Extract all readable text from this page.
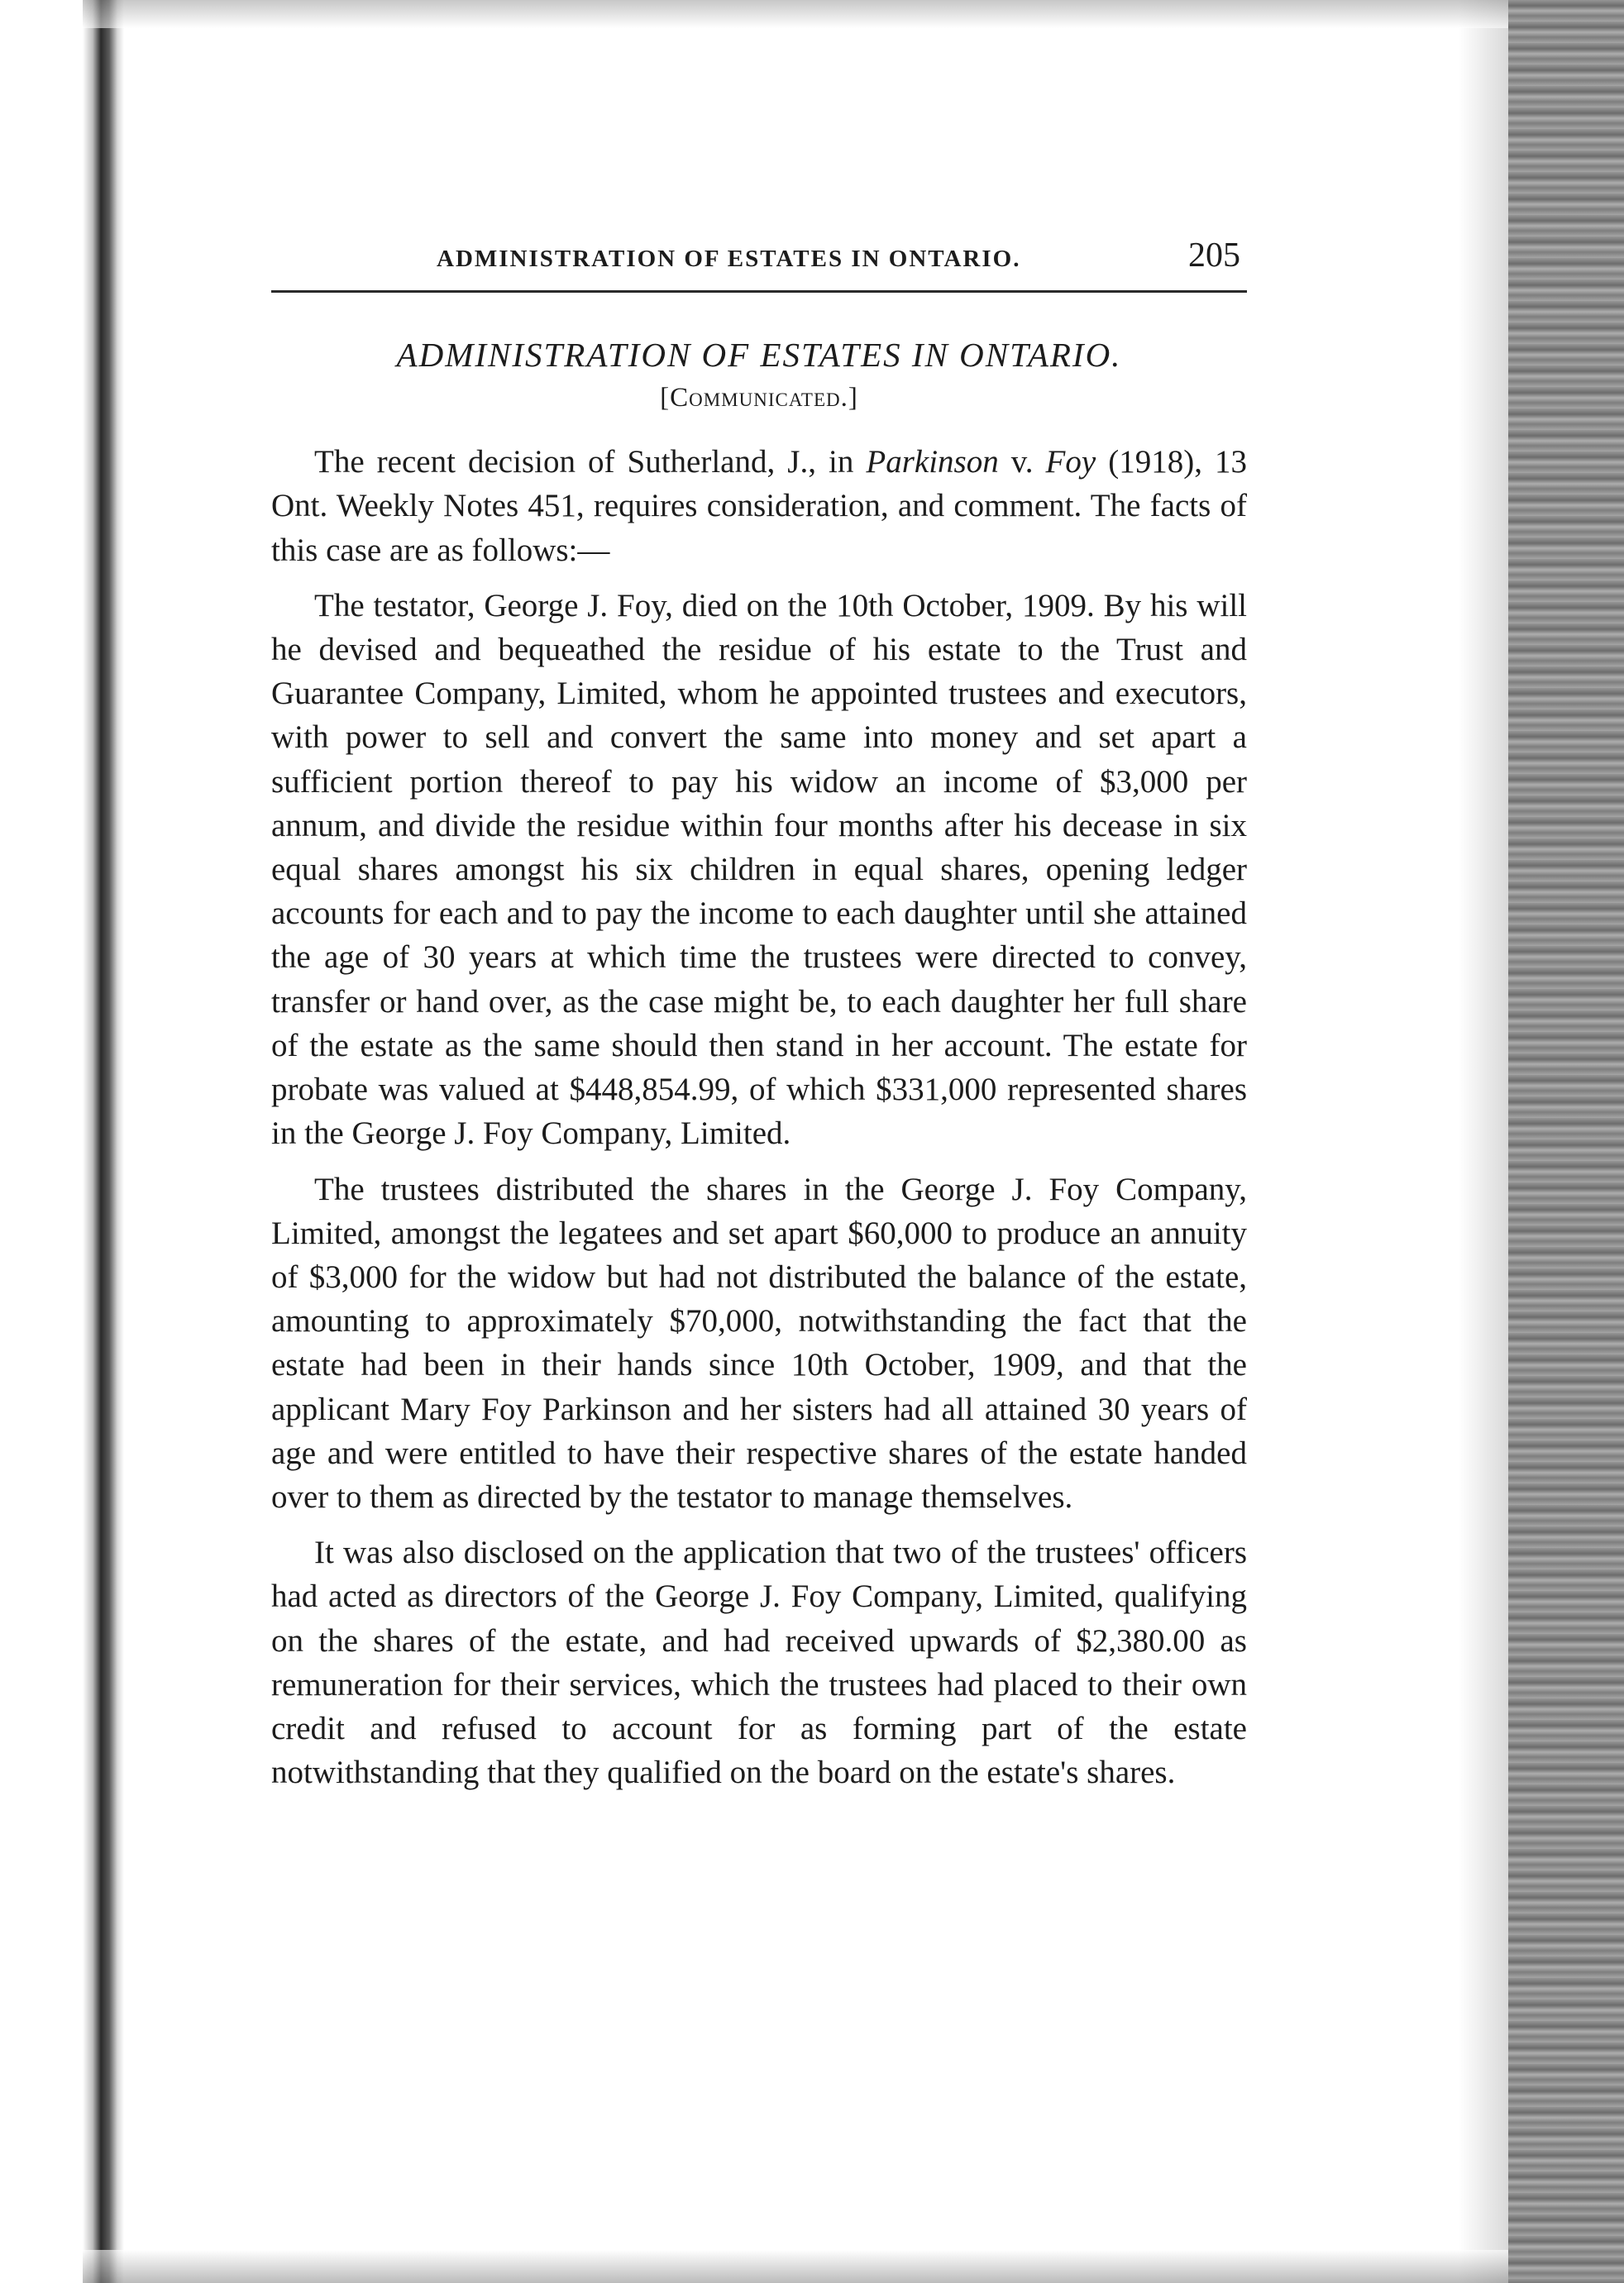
ADMINISTRATION OF ESTATES IN ONTARIO.	205
ADMINISTRATION OF ESTATES IN ONTARIO.
[Communicated.]

The recent decision of Sutherland, J., in Parkinson v. Foy (1918), 13 Ont. Weekly Notes 451, requires consideration, and comment. The facts of this case are as follows:—

The testator, George J. Foy, died on the 10th October, 1909. By his will he devised and bequeathed the residue of his estate to the Trust and Guarantee Company, Limited, whom he appointed trustees and executors, with power to sell and convert the same into money and set apart a sufficient portion thereof to pay his widow an income of $3,000 per annum, and divide the residue within four months after his decease in six equal shares amongst his six children in equal shares, opening ledger accounts for each and to pay the income to each daughter until she attained the age of 30 years at which time the trustees were directed to convey, transfer or hand over, as the case might be, to each daughter her full share of the estate as the same should then stand in her account. The estate for probate was valued at $448,854.99, of which $331,000 represented shares in the George J. Foy Company, Limited.

The trustees distributed the shares in the George J. Foy Company, Limited, amongst the legatees and set apart $60,000 to produce an annuity of $3,000 for the widow but had not distributed the balance of the estate, amounting to approximately $70,000, notwithstanding the fact that the estate had been in their hands since 10th October, 1909, and that the applicant Mary Foy Parkinson and her sisters had all attained 30 years of age and were entitled to have their respective shares of the estate handed over to them as directed by the testator to manage themselves.

It was also disclosed on the application that two of the trustees' officers had acted as directors of the George J. Foy Company, Limited, qualifying on the shares of the estate, and had received upwards of $2,380.00 as remuneration for their services, which the trustees had placed to their own credit and refused to account for as forming part of the estate notwithstanding that they qualified on the board on the estate's shares.
